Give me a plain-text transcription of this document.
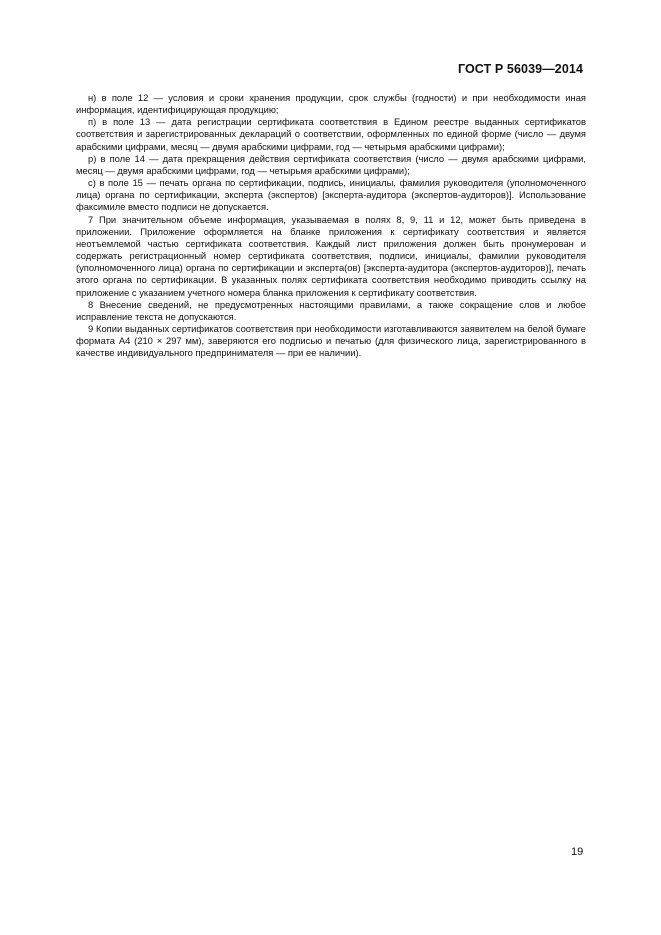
ГОСТ Р 56039—2014

н) в поле 12 — условия и сроки хранения продукции, срок службы (годности) и при необходимости иная информация, идентифицирующая продукцию;

п) в поле 13 — дата регистрации сертификата соответствия в Едином реестре выданных сертификатов соответствия и зарегистрированных деклараций о соответствии, оформленных по единой форме (число — двумя арабскими цифрами, месяц — двумя арабскими цифрами, год — четырьмя арабскими цифрами);

р) в поле 14 — дата прекращения действия сертификата соответствия (число — двумя арабскими цифрами, месяц — двумя арабскими цифрами, год — четырьмя арабскими цифрами);

с) в поле 15 — печать органа по сертификации, подпись, инициалы, фамилия руководителя (уполномоченного лица) органа по сертификации, эксперта (экспертов) [эксперта-аудитора (экспертов-аудиторов)]. Использование факсимиле вместо подписи не допускается.

7 При значительном объеме информация, указываемая в полях 8, 9, 11 и 12, может быть приведена в приложении. Приложение оформляется на бланке приложения к сертификату соответствия и является неотъемлемой частью сертификата соответствия. Каждый лист приложения должен быть пронумерован и содержать регистрационный номер сертификата соответствия, подписи, инициалы, фамилии руководителя (уполномоченного лица) органа по сертификации и эксперта(ов) [эксперта-аудитора (экспертов-аудиторов)], печать этого органа по сертификации. В указанных полях сертификата соответствия необходимо приводить ссылку на приложение с указанием учетного номера бланка приложения к сертификату соответствия.

8 Внесение сведений, не предусмотренных настоящими правилами, а также сокращение слов и любое исправление текста не допускаются.

9 Копии выданных сертификатов соответствия при необходимости изготавливаются заявителем на белой бумаге формата А4 (210 × 297 мм), заверяются его подписью и печатью (для физического лица, зарегистрированного в качестве индивидуального предпринимателя — при ее наличии).

19
